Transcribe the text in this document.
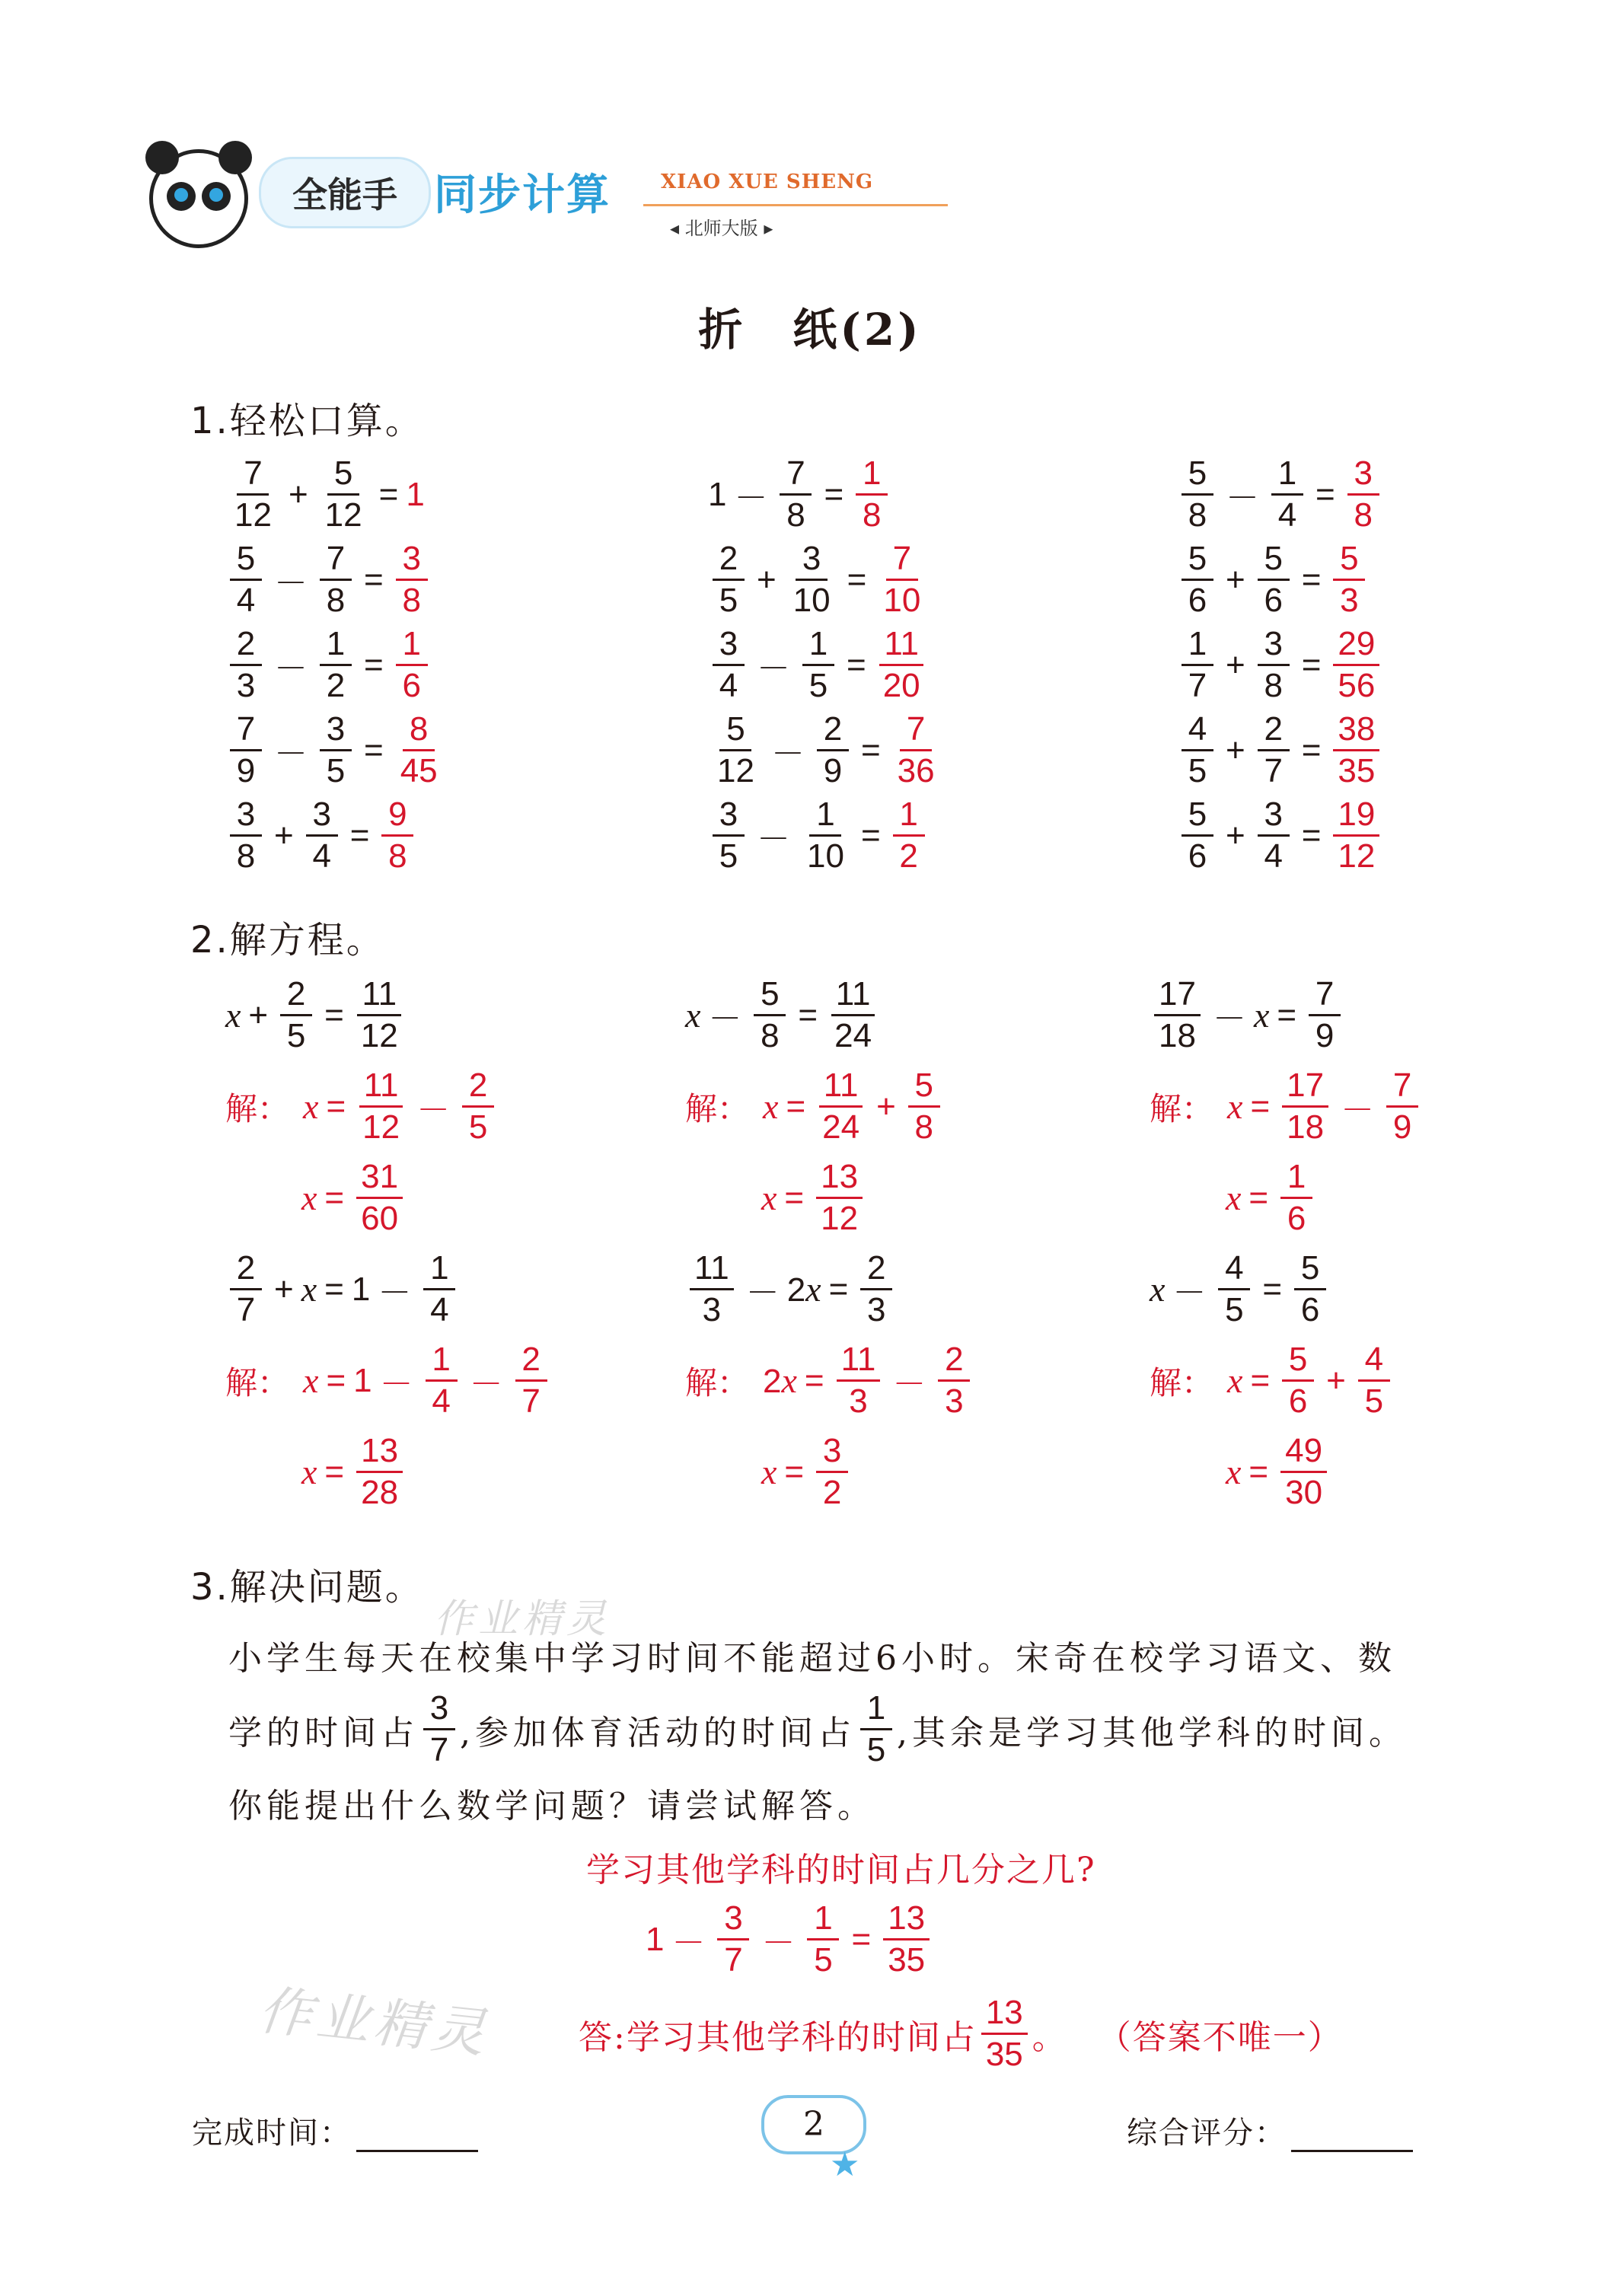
全能手 同步计算	XIAO XUE SHENG
◂ 北师大版 ▸
折　纸(2)
1.轻松口算。
$\frac{7}{12} + \frac{5}{12} = 1$
$\frac{5}{4} - \frac{7}{8} = \frac{3}{8}$
$\frac{2}{3} - \frac{1}{2} = \frac{1}{6}$
$\frac{7}{9} - \frac{3}{5} = \frac{8}{45}$
$\frac{3}{8} + \frac{3}{4} = \frac{9}{8}$
$1 - \frac{7}{8} = \frac{1}{8}$
$\frac{2}{5} + \frac{3}{10} = \frac{7}{10}$
$\frac{3}{4} - \frac{1}{5} = \frac{11}{20}$
$\frac{5}{12} - \frac{2}{9} = \frac{7}{36}$
$\frac{3}{5} - \frac{1}{10} = \frac{1}{2}$
$\frac{5}{8} - \frac{1}{4} = \frac{3}{8}$
$\frac{5}{6} + \frac{5}{6} = \frac{5}{3}$
$\frac{1}{7} + \frac{3}{8} = \frac{29}{56}$
$\frac{4}{5} + \frac{2}{7} = \frac{38}{35}$
$\frac{5}{6} + \frac{3}{4} = \frac{19}{12}$
2.解方程。
$x + \frac{2}{5} = \frac{11}{12}$
解： $x = \frac{11}{12} - \frac{2}{5}$
$x = \frac{31}{60}$
$x - \frac{5}{8} = \frac{11}{24}$
解： $x = \frac{11}{24} + \frac{5}{8}$
$x = \frac{13}{12}$
$\frac{17}{18} - x = \frac{7}{9}$
解： $x = \frac{17}{18} - \frac{7}{9}$
$x = \frac{1}{6}$
$\frac{2}{7} + x = 1 - \frac{1}{4}$
解： $x = 1 - \frac{1}{4} - \frac{2}{7}$
$x = \frac{13}{28}$
$\frac{11}{3} - 2x = \frac{2}{3}$
解： $2x = \frac{11}{3} - \frac{2}{3}$
$x = \frac{3}{2}$
$x - \frac{4}{5} = \frac{5}{6}$
解： $x = \frac{5}{6} + \frac{4}{5}$
$x = \frac{49}{30}$
3.解决问题。
小学生每天在校集中学习时间不能超过6小时。宋奇在校学习语文、数
学的时间占 $\frac{3}{7}$ ,参加体育活动的时间占 $\frac{1}{5}$ ,其余是学习其他学科的时间。
你能提出什么数学问题？请尝试解答。
学习其他学科的时间占几分之几?
$1 - \frac{3}{7} - \frac{1}{5} = \frac{13}{35}$
答:学习其他学科的时间占 $\frac{13}{35}$ 。 （答案不唯一）
作业精灵
作业精灵
完成时间：	2
★
综合评分：
